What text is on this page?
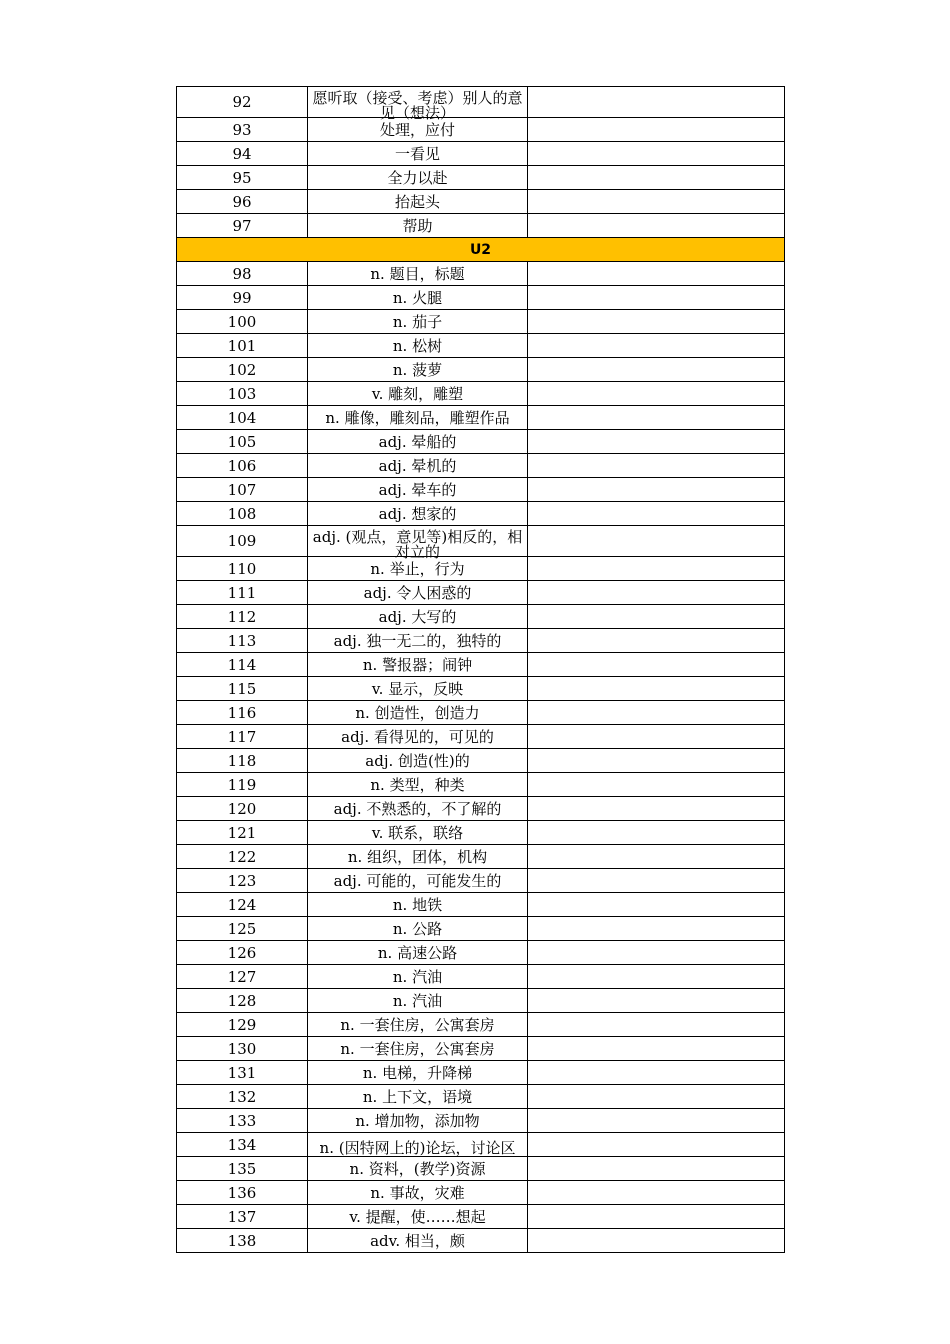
92	愿听取（接受、考虑）别人的意见（想法）	

93	处理，应付	

94	一看见	

95	全力以赴	

96	抬起头	

97	帮助	

U2		
98	n. 题目，标题	

99	n. 火腿	

100	n. 茄子	

101	n. 松树	

102	n. 菠萝	

103	v. 雕刻，雕塑	

104	n. 雕像，雕刻品，雕塑作品	

105	adj. 晕船的	

106	adj. 晕机的	

107	adj. 晕车的	

108	adj. 想家的	

109	adj. (观点，意见等)相反的，相对立的	

110	n. 举止，行为	

111	adj. 令人困惑的	

112	adj. 大写的	

113	adj. 独一无二的，独特的	

114	n. 警报器；闹钟	

115	v. 显示，反映	

116	n. 创造性，创造力	

117	adj. 看得见的，可见的	

118	adj. 创造(性)的	

119	n. 类型，种类	

120	adj. 不熟悉的，不了解的	

121	v. 联系，联络	

122	n. 组织，团体，机构	

123	adj. 可能的，可能发生的	

124	n. 地铁	

125	n. 公路	

126	n. 高速公路	

127	n. 汽油	

128	n. 汽油	

129	n. 一套住房，公寓套房	

130	n. 一套住房，公寓套房	

131	n. 电梯，升降梯	

132	n. 上下文，语境	

133	n. 增加物，添加物	

134	n. (因特网上的)论坛，讨论区	

135	n. 资料，(教学)资源	

136	n. 事故，灾难	

137	v. 提醒，使……想起	

138	adv. 相当，颇	
